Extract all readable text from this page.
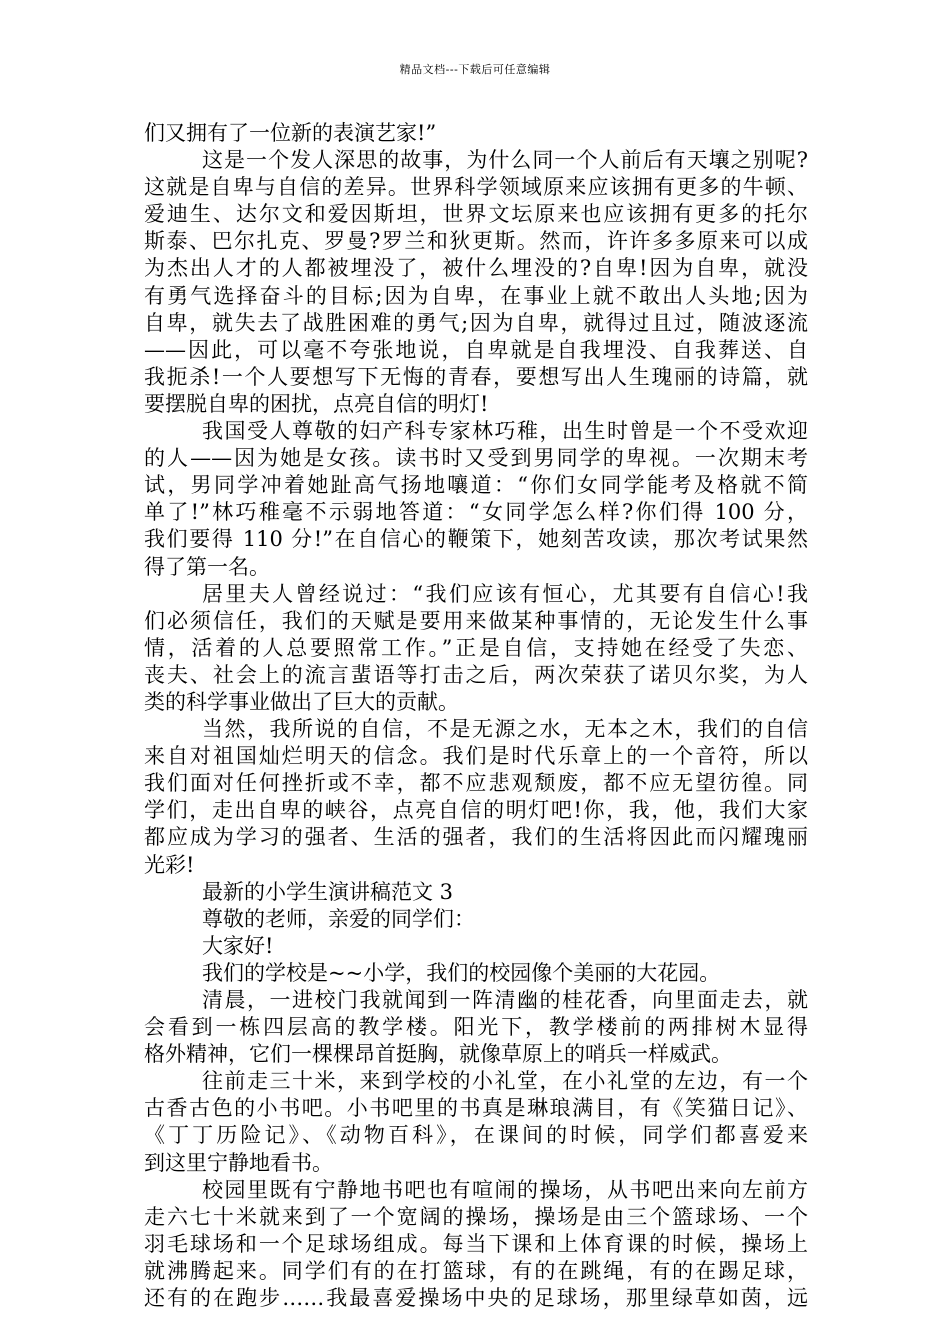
精品文档---下载后可任意编辑
们又拥有了一位新的表演艺家!”
这是一个发人深思的故事，为什么同一个人前后有天壤之别呢?
这就是自卑与自信的差异。世界科学领域原来应该拥有更多的牛顿、
爱迪生、达尔文和爱因斯坦，世界文坛原来也应该拥有更多的托尔
斯泰、巴尔扎克、罗曼?罗兰和狄更斯。然而，许许多多原来可以成
为杰出人才的人都被埋没了，被什么埋没的?自卑!因为自卑，就没
有勇气选择奋斗的目标;因为自卑，在事业上就不敢出人头地;因为
自卑，就失去了战胜困难的勇气;因为自卑，就得过且过，随波逐流
——因此，可以毫不夸张地说，自卑就是自我埋没、自我葬送、自
我扼杀!一个人要想写下无悔的青春，要想写出人生瑰丽的诗篇，就
要摆脱自卑的困扰，点亮自信的明灯!
我国受人尊敬的妇产科专家林巧稚，出生时曾是一个不受欢迎
的人——因为她是女孩。读书时又受到男同学的卑视。一次期末考
试，男同学冲着她趾高气扬地嚷道：“你们女同学能考及格就不简
单了!”林巧稚毫不示弱地答道：“女同学怎么样?你们得 100 分，
我们要得 110 分!”在自信心的鞭策下，她刻苦攻读，那次考试果然
得了第一名。
居里夫人曾经说过：“我们应该有恒心，尤其要有自信心!我
们必须信任，我们的天赋是要用来做某种事情的，无论发生什么事
情，活着的人总要照常工作。”正是自信，支持她在经受了失恋、
丧夫、社会上的流言蜚语等打击之后，两次荣获了诺贝尔奖，为人
类的科学事业做出了巨大的贡献。
当然，我所说的自信，不是无源之水，无本之木，我们的自信
来自对祖国灿烂明天的信念。我们是时代乐章上的一个音符，所以
我们面对任何挫折或不幸，都不应悲观颓废，都不应无望彷徨。同
学们，走出自卑的峡谷，点亮自信的明灯吧!你，我，他，我们大家
都应成为学习的强者、生活的强者，我们的生活将因此而闪耀瑰丽
光彩!
最新的小学生演讲稿范文 3
尊敬的老师，亲爱的同学们：
大家好!
我们的学校是~~小学，我们的校园像个美丽的大花园。
清晨，一进校门我就闻到一阵清幽的桂花香，向里面走去，就
会看到一栋四层高的教学楼。阳光下，教学楼前的两排树木显得
格外精神，它们一棵棵昂首挺胸，就像草原上的哨兵一样威武。
往前走三十米，来到学校的小礼堂，在小礼堂的左边，有一个
古香古色的小书吧。小书吧里的书真是琳琅满目，有《笑猫日记》、
《丁丁历险记》、《动物百科》，在课间的时候，同学们都喜爱来
到这里宁静地看书。
校园里既有宁静地书吧也有喧闹的操场，从书吧出来向左前方
走六七十米就来到了一个宽阔的操场，操场是由三个篮球场、一个
羽毛球场和一个足球场组成。每当下课和上体育课的时候，操场上
就沸腾起来。同学们有的在打篮球，有的在跳绳，有的在踢足球，
还有的在跑步……我最喜爱操场中央的足球场，那里绿草如茵，远
